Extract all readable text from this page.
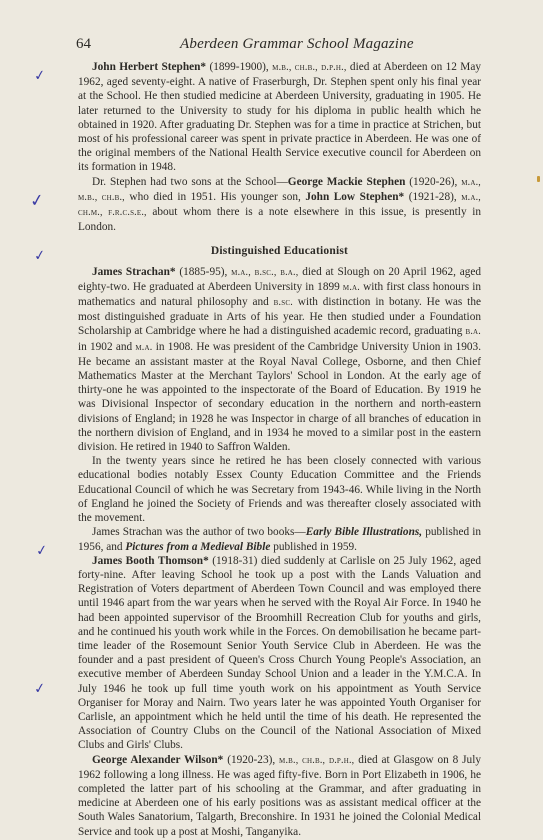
64	Aberdeen Grammar School Magazine
✓
✓
✓
✓
✓

John Herbert Stephen* (1899-1900), m.b., ch.b., d.p.h., died at Aberdeen on 12 May 1962, aged seventy-eight. A native of Fraserburgh, Dr. Stephen spent only his final year at the School. He then studied medicine at Aberdeen University, graduating in 1905. He later returned to the University to study for his diploma in public health which he obtained in 1920. After graduating Dr. Stephen was for a time in practice at Strichen, but most of his professional career was spent in private practice in Aberdeen. He was one of the original members of the National Health Service executive council for Aberdeen on its formation in 1948.

Dr. Stephen had two sons at the School—George Mackie Stephen (1920-26), m.a., m.b., ch.b., who died in 1951. His younger son, John Low Stephen* (1921-28), m.a., ch.m., f.r.c.s.e., about whom there is a note elsewhere in this issue, is presently in London.

Distinguished Educationist

James Strachan* (1885-95), m.a., b.sc., b.a., died at Slough on 20 April 1962, aged eighty-two. He graduated at Aberdeen University in 1899 m.a. with first class honours in mathematics and natural philosophy and b.sc. with distinction in botany. He was the most distinguished graduate in Arts of his year. He then studied under a Foundation Scholarship at Cambridge where he had a distinguished academic record, graduating b.a. in 1902 and m.a. in 1908. He was president of the Cambridge University Union in 1903. He became an assistant master at the Royal Naval College, Osborne, and then Chief Mathematics Master at the Merchant Taylors' School in London. At the early age of thirty-one he was appointed to the inspectorate of the Board of Education. By 1919 he was Divisional Inspector of secondary education in the northern and north-eastern divisions of England; in 1928 he was Inspector in charge of all branches of education in the northern division of England, and in 1934 he moved to a similar post in the eastern division. He retired in 1940 to Saffron Walden.

In the twenty years since he retired he has been closely connected with various educational bodies notably Essex County Education Committee and the Friends Educational Council of which he was Secretary from 1943-46. While living in the North of England he joined the Society of Friends and was thereafter closely associated with the movement.

James Strachan was the author of two books—Early Bible Illustrations, published in 1956, and Pictures from a Medieval Bible published in 1959.

James Booth Thomson* (1918-31) died suddenly at Carlisle on 25 July 1962, aged forty-nine. After leaving School he took up a post with the Lands Valuation and Registration of Voters department of Aberdeen Town Council and was employed there until 1946 apart from the war years when he served with the Royal Air Force. In 1940 he had been appointed supervisor of the Broomhill Recreation Club for youths and girls, and he continued his youth work while in the Forces. On demobilisation he became part-time leader of the Rosemount Senior Youth Service Club in Aberdeen. He was the founder and a past president of Queen's Cross Church Young People's Association, an executive member of Aberdeen Sunday School Union and a leader in the Y.M.C.A. In July 1946 he took up full time youth work on his appointment as Youth Service Organiser for Moray and Nairn. Two years later he was appointed Youth Organiser for Carlisle, an appointment which he held until the time of his death. He represented the Association of Country Clubs on the Council of the National Association of Mixed Clubs and Girls' Clubs.

George Alexander Wilson* (1920-23), m.b., ch.b., d.p.h., died at Glasgow on 8 July 1962 following a long illness. He was aged fifty-five. Born in Port Elizabeth in 1906, he completed the latter part of his schooling at the Grammar, and after graduating in medicine at Aberdeen one of his early positions was as assistant medical officer at the South Wales Sanatorium, Talgarth, Breconshire. In 1931 he joined the Colonial Medical Service and took up a post at Moshi, Tanganyika.
